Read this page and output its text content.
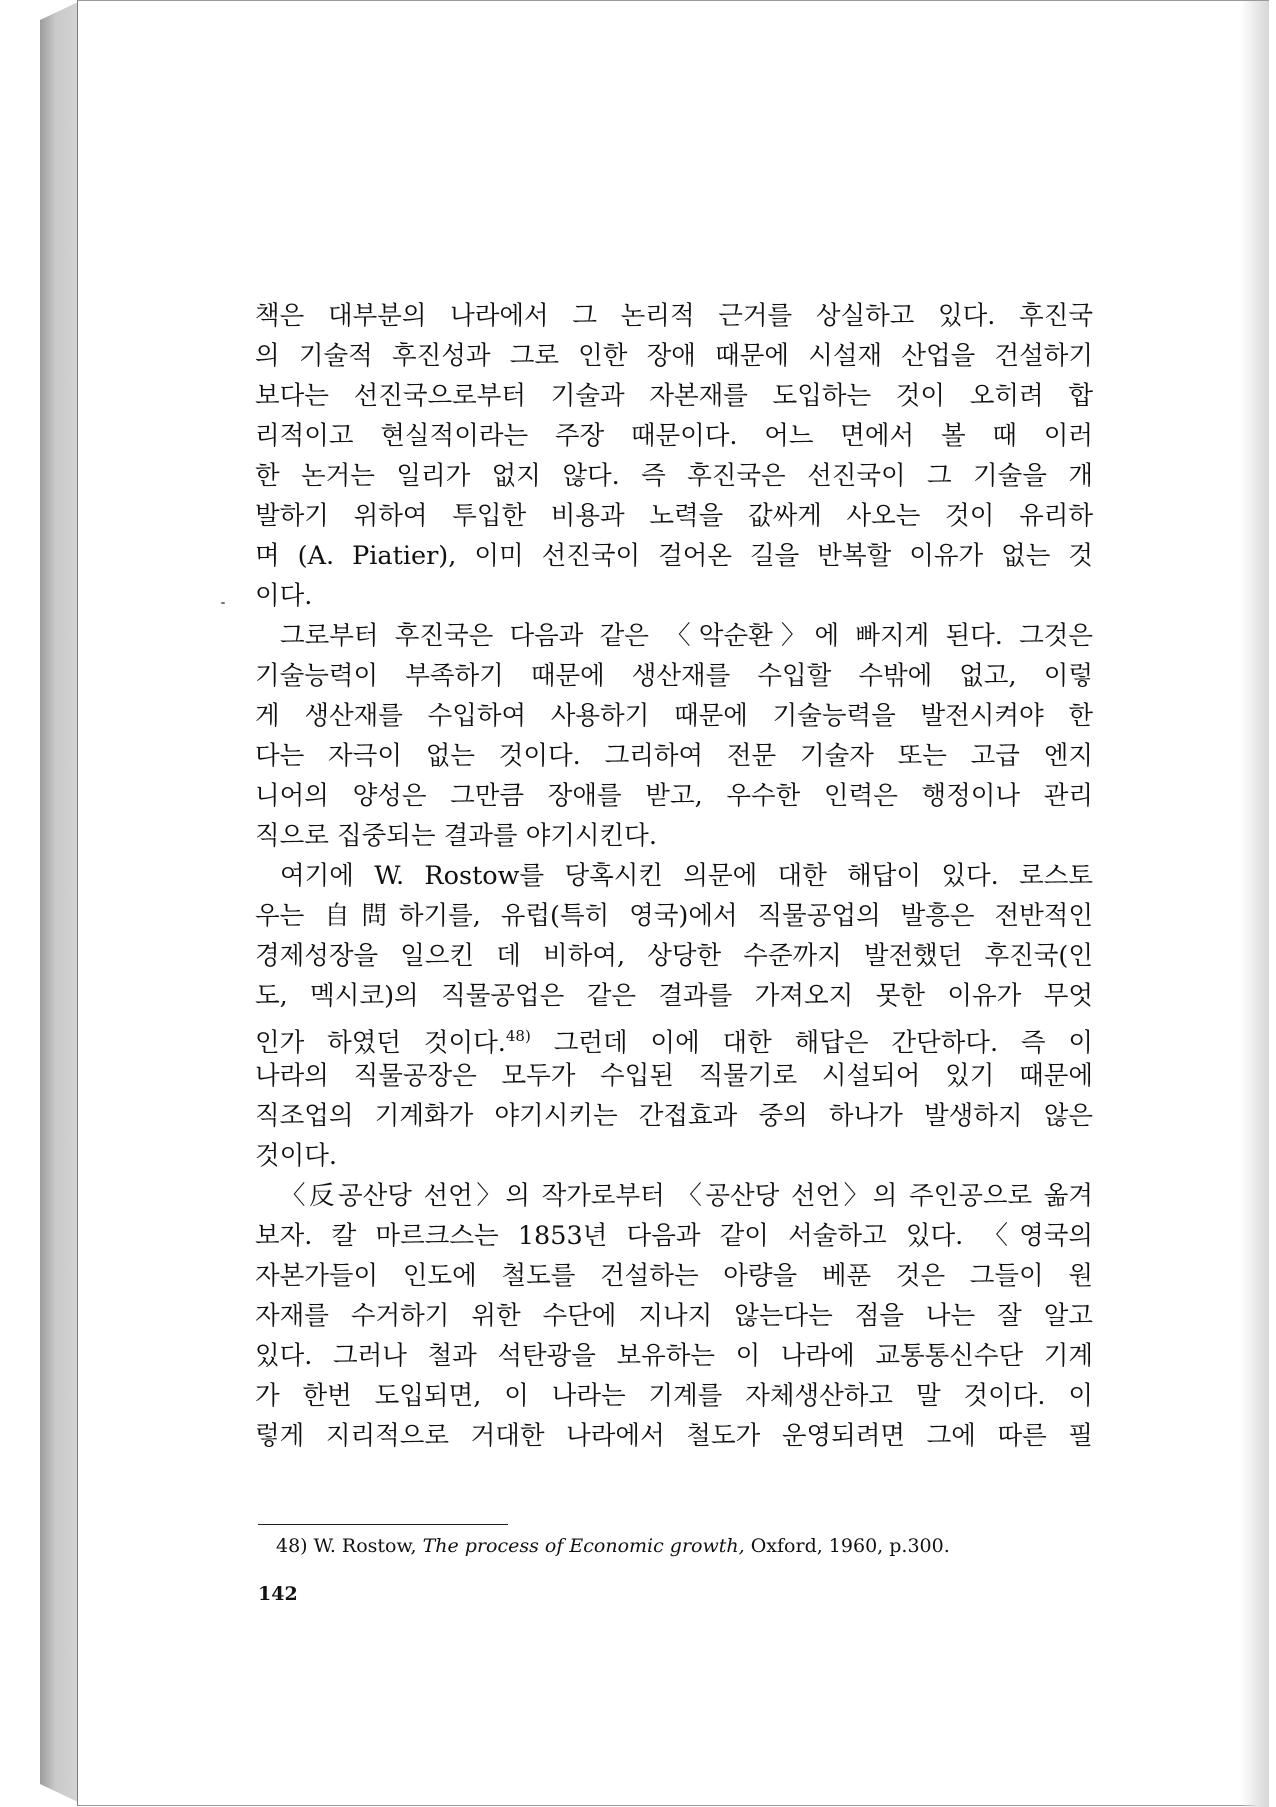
책은 대부분의 나라에서 그 논리적 근거를 상실하고 있다. 후진국
의 기술적 후진성과 그로 인한 장애 때문에 시설재 산업을 건설하기
보다는 선진국으로부터 기술과 자본재를 도입하는 것이 오히려 합
리적이고 현실적이라는 주장 때문이다. 어느 면에서 볼 때 이러
한 논거는 일리가 없지 않다. 즉 후진국은 선진국이 그 기술을 개
발하기 위하여 투입한 비용과 노력을 값싸게 사오는 것이 유리하
며 (A. Piatier), 이미 선진국이 걸어온 길을 반복할 이유가 없는 것
이다.
그로부터 후진국은 다음과 같은 〈악순환〉에 빠지게 된다. 그것은
기술능력이 부족하기 때문에 생산재를 수입할 수밖에 없고, 이렇
게 생산재를 수입하여 사용하기 때문에 기술능력을 발전시켜야 한
다는 자극이 없는 것이다. 그리하여 전문 기술자 또는 고급 엔지
니어의 양성은 그만큼 장애를 받고, 우수한 인력은 행정이나 관리
직으로 집중되는 결과를 야기시킨다.
여기에 W. Rostow를 당혹시킨 의문에 대한 해답이 있다. 로스토
우는 自問하기를, 유럽(특히 영국)에서 직물공업의 발흥은 전반적인
경제성장을 일으킨 데 비하여, 상당한 수준까지 발전했던 후진국(인
도, 멕시코)의 직물공업은 같은 결과를 가져오지 못한 이유가 무엇
인가 하였던 것이다.$^{48)}$ 그런데 이에 대한 해답은 간단하다. 즉 이
나라의 직물공장은 모두가 수입된 직물기로 시설되어 있기 때문에
직조업의 기계화가 야기시키는 간접효과 중의 하나가 발생하지 않은
것이다.
〈反공산당 선언〉의 작가로부터 〈공산당 선언〉의 주인공으로 옮겨
보자. 칼 마르크스는 1853년 다음과 같이 서술하고 있다. 〈영국의
자본가들이 인도에 철도를 건설하는 아량을 베푼 것은 그들이 원
자재를 수거하기 위한 수단에 지나지 않는다는 점을 나는 잘 알고
있다. 그러나 철과 석탄광을 보유하는 이 나라에 교통통신수단 기계
가 한번 도입되면, 이 나라는 기계를 자체생산하고 말 것이다. 이
렇게 지리적으로 거대한 나라에서 철도가 운영되려면 그에 따른 필
48) W. Rostow, The process of Economic growth, Oxford, 1960, p.300.
142
